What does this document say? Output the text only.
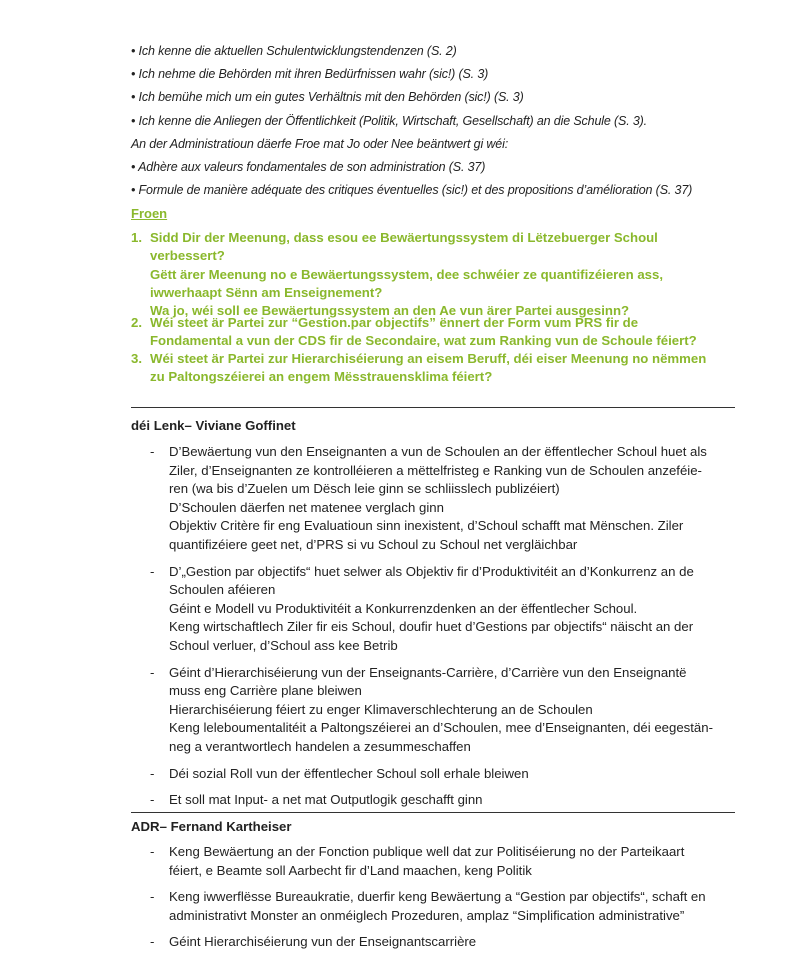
• Ich kenne die aktuellen Schulentwicklungstendenzen (S. 2)
• Ich nehme die Behörden mit ihren Bedürfnissen wahr (sic!) (S. 3)
• Ich bemühe mich um ein gutes Verhältnis mit den Behörden (sic!) (S. 3)
• Ich kenne die Anliegen der Öffentlichkeit (Politik, Wirtschaft, Gesellschaft) an die Schule (S. 3).
An der Administratioun däerfe Froe mat Jo oder Nee beäntwert gi wéi:
• Adhère aux valeurs fondamentales de son administration (S. 37)
• Formule de manière adéquate des critiques éventuelles (sic!) et des propositions d’amélioration (S. 37)
Froen
1. Sidd Dir der Meenung, dass esou ee Bewäertungssystem di Lëtzebuerger Schoul

verbessert?

Gëtt ärer Meenung no e Bewäertungssystem, dee schwéier ze quantifizéieren ass,

iwwerhaapt Sënn am Enseignement?

Wa jo, wéi soll ee Bewäertungssystem an den Ae vun ärer Partei ausgesinn?

2. Wéi steet är Partei zur “Gestion.par objectifs” ënnert der Form vum PRS fir de

Fondamental a vun der CDS fir de Secondaire, wat zum Ranking vun de Schoule féiert?

3. Wéi steet är Partei zur Hierarchiséierung an eisem Beruff, déi eiser Meenung no nëmmen

zu Paltongszéierei an engem Mësstrauensklima féiert?

déi Lenk– Viviane Goffinet
- D’Bewäertung vun den Enseignanten a vun de Schoulen an der ëffentlecher Schoul huet als

Ziler, d’Enseignanten ze kontrolléieren a mëttelfristeg e Ranking vun de Schoulen anzeféie-

ren (wa bis d’Zuelen um Dësch leie ginn se schliisslech publizéiert)

D’Schoulen däerfen net matenee verglach ginn

Objektiv Critère fir eng Evaluatioun sinn inexistent, d’Schoul schafft mat Mënschen. Ziler

quantifizéiere geet net, d’PRS si vu Schoul zu Schoul net vergläichbar

- D’„Gestion par objectifs“ huet selwer als Objektiv fir d’Produktivitéit an d’Konkurrenz an de

Schoulen aféieren

Géint e Modell vu Produktivitéit a Konkurrenzdenken an der ëffentlecher Schoul.

Keng wirtschaftlech Ziler fir eis Schoul, doufir huet d’Gestions par objectifs“ näischt an der

Schoul verluer, d’Schoul ass kee Betrib

- Géint d’Hierarchiséierung vun der Enseignants-Carrière, d’Carrière vun den Enseignantë

muss eng Carrière plane bleiwen

Hierarchiséierung féiert zu enger Klimaverschlechterung an de Schoulen

Keng leleboumentalitéit a Paltongszéierei an d’Schoulen, mee d’Enseignanten, déi eegestän-

neg a verantwortlech handelen a zesummeschaffen

- Déi sozial Roll vun der ëffentlecher Schoul soll erhale bleiwen

- Et soll mat Input- a net mat Outputlogik geschafft ginn

ADR– Fernand Kartheiser
- Keng Bewäertung an der Fonction publique well dat zur Politiséierung no der Parteikaart

féiert, e Beamte soll Aarbecht fir d’Land maachen, keng Politik

- Keng iwwerflësse Bureaukratie, duerfir keng Bewäertung a “Gestion par objectifs“, schaft en

administrativt Monster an onméiglech Prozeduren, amplaz “Simplification administrative”

- Géint Hierarchiséierung vun der Enseignantscarrière
